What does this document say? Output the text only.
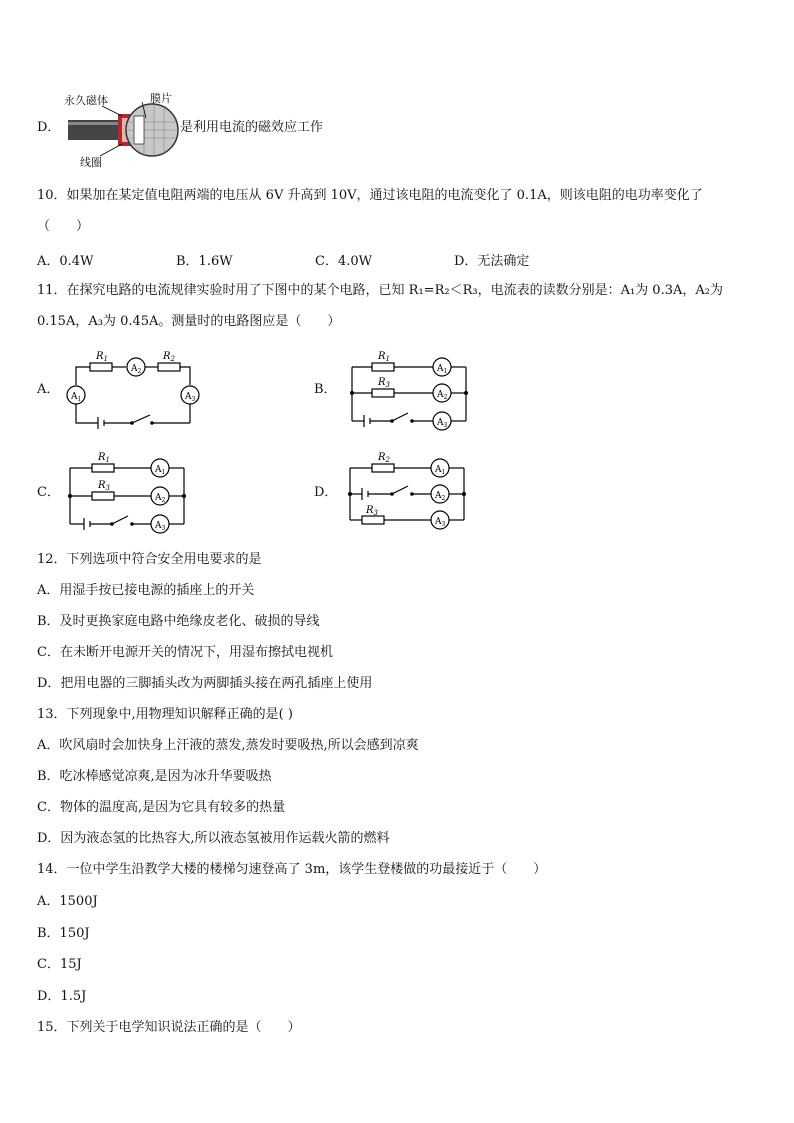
D．
永久磁体	膜片
线圈
是利用电流的磁效应工作
10．如果加在某定值电阻两端的电压从 6V 升高到 10V，通过该电阻的电流变化了 0.1A，则该电阻的电功率变化了
（　　）
A．0.4W	B．1.6W	C．4.0W	D．无法确定
11．在探究电路的电流规律实验时用了下图中的某个电路，已知 R₁=R₂＜R₃，电流表的读数分别是：A₁为 0.3A，A₂为
0.15A，A₃为 0.45A。测量时的电路图应是（　　）
A．
$R_1$	$R_2$
$A_2$
$A_1$	$A_3$
B．
$R_1$
$R_3$
$A_1$
$A_2$
$A_3$
C．
$R_1$
$R_3$
$A_1$
$A_2$
$A_3$
D．
$R_2$
$R_3$
$A_1$
$A_2$
$A_3$
12．下列选项中符合安全用电要求的是
A．用湿手按已接电源的插座上的开关
B．及时更换家庭电路中绝缘皮老化、破损的导线
C．在未断开电源开关的情况下，用湿布擦拭电视机
D．把用电器的三脚插头改为两脚插头接在两孔插座上使用
13．下列现象中,用物理知识解释正确的是( )
A．吹风扇时会加快身上汗液的蒸发,蒸发时要吸热,所以会感到凉爽
B．吃冰棒感觉凉爽,是因为冰升华要吸热
C．物体的温度高,是因为它具有较多的热量
D．因为液态氢的比热容大,所以液态氢被用作运载火箭的燃料
14．一位中学生沿教学大楼的楼梯匀速登高了 3m，该学生登楼做的功最接近于（　　）
A．1500J
B．150J
C．15J
D．1.5J
15．下列关于电学知识说法正确的是（　　）
